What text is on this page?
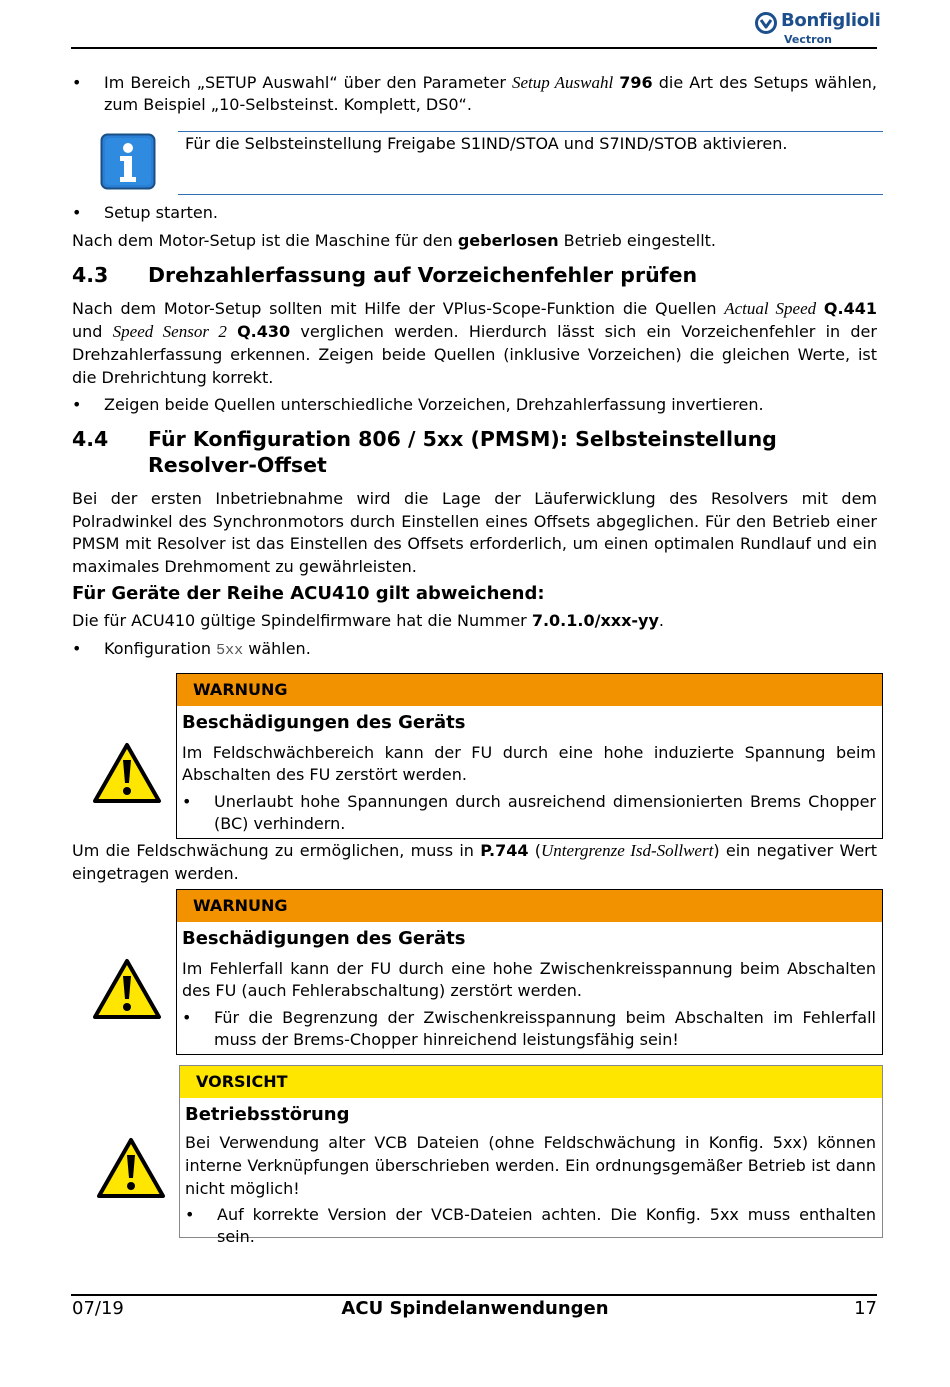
Bonfiglioli
Vectron
• Im Bereich „SETUP Auswahl“ über den Parameter Setup Auswahl 796 die Art des Setups wählen, zum Beispiel „10-Selbsteinst. Komplett, DS0“.
Für die Selbsteinstellung Freigabe S1IND/STOA und S7IND/STOB aktivieren.
• Setup starten.
Nach dem Motor-Setup ist die Maschine für den geberlosen Betrieb eingestellt.
4.3 Drehzahlerfassung auf Vorzeichenfehler prüfen
Nach dem Motor-Setup sollten mit Hilfe der VPlus-Scope-Funktion die Quellen Actual Speed Q.441 und Speed Sensor 2 Q.430 verglichen werden. Hierdurch lässt sich ein Vorzeichenfehler in der Drehzahlerfassung erkennen. Zeigen beide Quellen (inklusive Vorzeichen) die gleichen Werte, ist die Drehrichtung korrekt.
• Zeigen beide Quellen unterschiedliche Vorzeichen, Drehzahlerfassung invertieren.
4.4 Für Konfiguration 806 / 5xx (PMSM): Selbsteinstellung Resolver-Offset
Bei der ersten Inbetriebnahme wird die Lage der Läuferwicklung des Resolvers mit dem Polradwinkel des Synchronmotors durch Einstellen eines Offsets abgeglichen. Für den Betrieb einer PMSM mit Resolver ist das Einstellen des Offsets erforderlich, um einen optimalen Rundlauf und ein maximales Drehmoment zu gewährleisten.
Für Geräte der Reihe ACU410 gilt abweichend:
Die für ACU410 gültige Spindelfirmware hat die Nummer 7.0.1.0/xxx-yy.
• Konfiguration 5xx wählen.
WARNUNG
Beschädigungen des Geräts
Im Feldschwächbereich kann der FU durch eine hohe induzierte Spannung beim Abschalten des FU zerstört werden.
• Unerlaubt hohe Spannungen durch ausreichend dimensionierten Brems Chopper (BC) verhindern.
Um die Feldschwächung zu ermöglichen, muss in P.744 (Untergrenze Isd-Sollwert) ein negativer Wert eingetragen werden.
WARNUNG
Beschädigungen des Geräts
Im Fehlerfall kann der FU durch eine hohe Zwischenkreisspannung beim Abschalten des FU (auch Fehlerabschaltung) zerstört werden.
• Für die Begrenzung der Zwischenkreisspannung beim Abschalten im Fehlerfall muss der Brems-Chopper hinreichend leistungsfähig sein!
VORSICHT
Betriebsstörung
Bei Verwendung alter VCB Dateien (ohne Feldschwächung in Konfig. 5xx) können interne Verknüpfungen überschrieben werden. Ein ordnungsgemäßer Betrieb ist dann nicht möglich!
• Auf korrekte Version der VCB-Dateien achten. Die Konfig. 5xx muss enthalten sein.
07/19	ACU Spindelanwendungen	17
